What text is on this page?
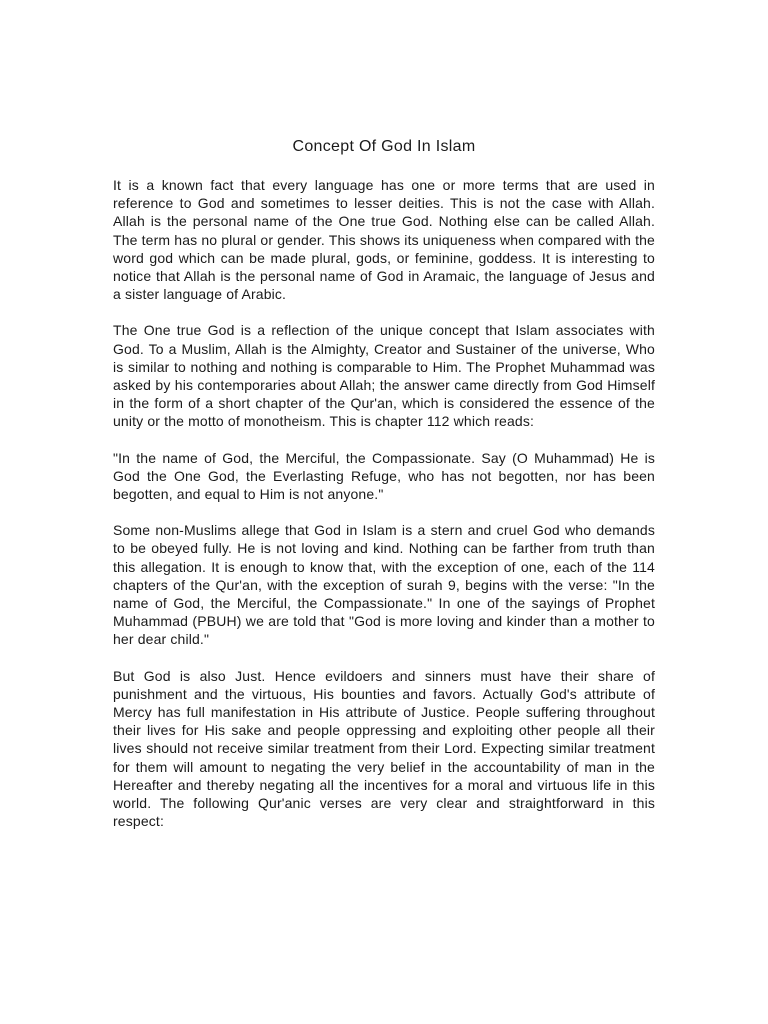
Concept Of God In Islam

It is a known fact that every language has one or more terms that are used in reference to God and sometimes to lesser deities. This is not the case with Allah. Allah is the personal name of the One true God. Nothing else can be called Allah. The term has no plural or gender. This shows its uniqueness when compared with the word god which can be made plural, gods, or feminine, goddess. It is interesting to notice that Allah is the personal name of God in Aramaic, the language of Jesus and a sister language of Arabic.

The One true God is a reflection of the unique concept that Islam associates with God. To a Muslim, Allah is the Almighty, Creator and Sustainer of the universe, Who is similar to nothing and nothing is comparable to Him. The Prophet Muhammad was asked by his contemporaries about Allah; the answer came directly from God Himself in the form of a short chapter of the Qur'an, which is considered the essence of the unity or the motto of monotheism. This is chapter 112 which reads:

"In the name of God, the Merciful, the Compassionate. Say (O Muhammad) He is God the One God, the Everlasting Refuge, who has not begotten, nor has been begotten, and equal to Him is not anyone."

Some non-Muslims allege that God in Islam is a stern and cruel God who demands to be obeyed fully. He is not loving and kind. Nothing can be farther from truth than this allegation. It is enough to know that, with the exception of one, each of the 114 chapters of the Qur'an, with the exception of surah 9, begins with the verse: "In the name of God, the Merciful, the Compassionate." In one of the sayings of Prophet Muhammad (PBUH) we are told that "God is more loving and kinder than a mother to her dear child."

But God is also Just. Hence evildoers and sinners must have their share of punishment and the virtuous, His bounties and favors. Actually God's attribute of Mercy has full manifestation in His attribute of Justice. People suffering throughout their lives for His sake and people oppressing and exploiting other people all their lives should not receive similar treatment from their Lord. Expecting similar treatment for them will amount to negating the very belief in the accountability of man in the Hereafter and thereby negating all the incentives for a moral and virtuous life in this world. The following Qur'anic verses are very clear and straightforward in this respect:
